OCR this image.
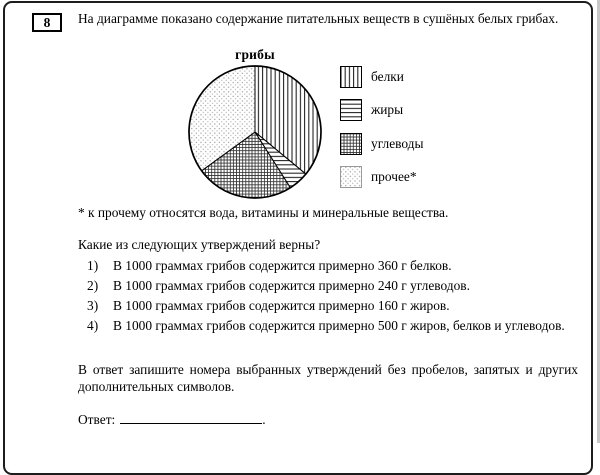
8	На диаграмме показано содержание питательных веществ в сушёных белых грибах.
грибы
белки
жиры
углеводы
прочее*
* к прочему относятся вода, витамины и минеральные вещества.
Какие из следующих утверждений верны?
1)	В 1000 граммах грибов содержится примерно 360 г белков.
2)	В 1000 граммах грибов содержится примерно 240 г углеводов.
3)	В 1000 граммах грибов содержится примерно 160 г жиров.
4)	В 1000 граммах грибов содержится примерно 500 г жиров, белков и углеводов.
В ответ запишите номера выбранных утверждений без пробелов, запятых и других дополнительных символов.
Ответ:	.
